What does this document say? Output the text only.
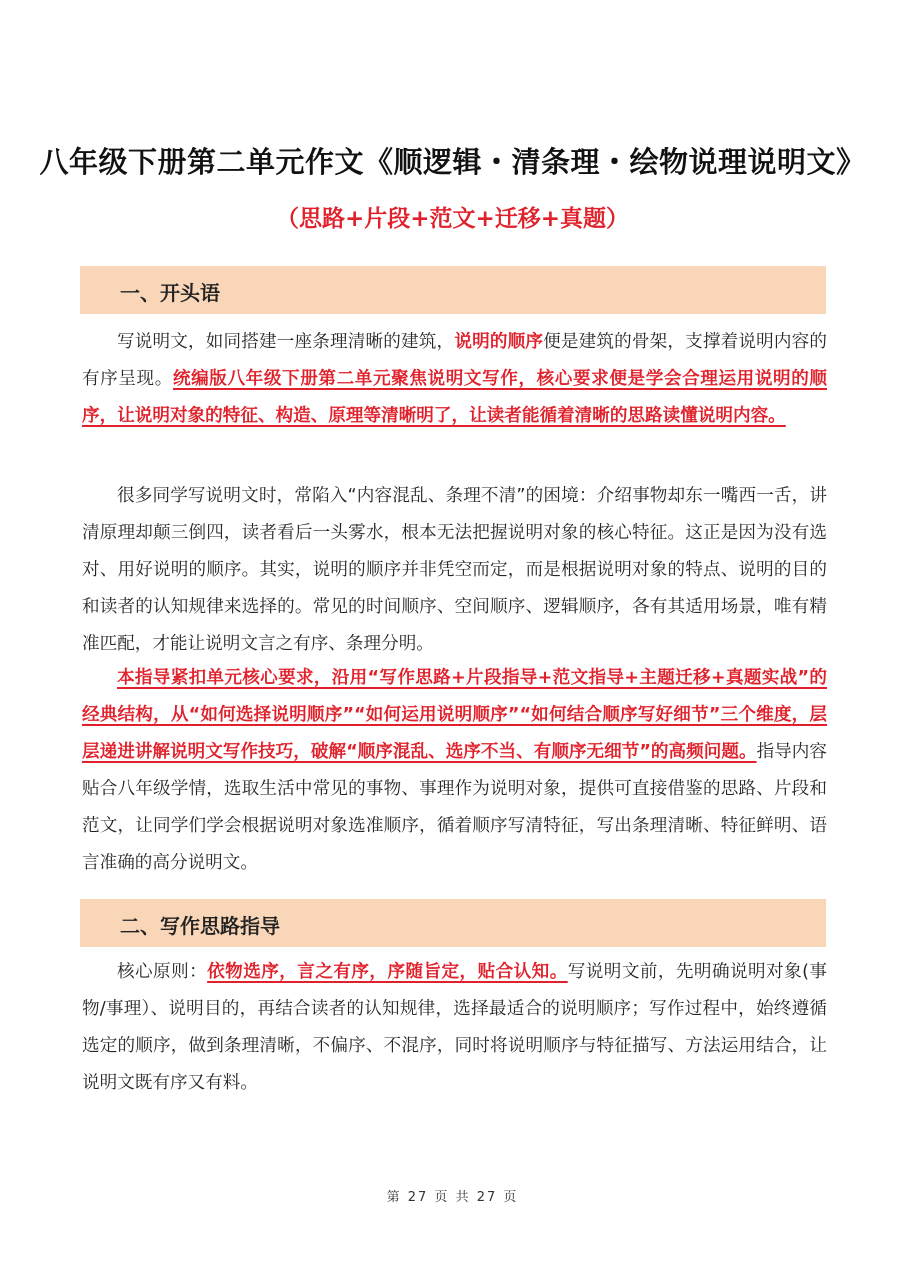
八年级下册第二单元作文《顺逻辑・清条理・绘物说理说明文》
（思路+片段+范文+迁移+真题）
一、开头语

写说明文，如同搭建一座条理清晰的建筑，说明的顺序便是建筑的骨架，支撑着说明内容的有序呈现。统编版八年级下册第二单元聚焦说明文写作，核心要求便是学会合理运用说明的顺序，让说明对象的特征、构造、原理等清晰明了，让读者能循着清晰的思路读懂说明内容。

很多同学写说明文时，常陷入“内容混乱、条理不清”的困境：介绍事物却东一嘴西一舌，讲清原理却颠三倒四，读者看后一头雾水，根本无法把握说明对象的核心特征。这正是因为没有选对、用好说明的顺序。其实，说明的顺序并非凭空而定，而是根据说明对象的特点、说明的目的和读者的认知规律来选择的。常见的时间顺序、空间顺序、逻辑顺序，各有其适用场景，唯有精准匹配，才能让说明文言之有序、条理分明。

本指导紧扣单元核心要求，沿用“写作思路+片段指导+范文指导+主题迁移+真题实战”的经典结构，从“如何选择说明顺序”“如何运用说明顺序”“如何结合顺序写好细节”三个维度，层层递进讲解说明文写作技巧，破解“顺序混乱、选序不当、有顺序无细节”的高频问题。指导内容贴合八年级学情，选取生活中常见的事物、事理作为说明对象，提供可直接借鉴的思路、片段和范文，让同学们学会根据说明对象选准顺序，循着顺序写清特征，写出条理清晰、特征鲜明、语言准确的高分说明文。

二、写作思路指导

核心原则：依物选序，言之有序，序随旨定，贴合认知。写说明文前，先明确说明对象(事物/事理）、说明目的，再结合读者的认知规律，选择最适合的说明顺序；写作过程中，始终遵循选定的顺序，做到条理清晰，不偏序、不混序，同时将说明顺序与特征描写、方法运用结合，让说明文既有序又有料。

第 27 页 共 27 页
